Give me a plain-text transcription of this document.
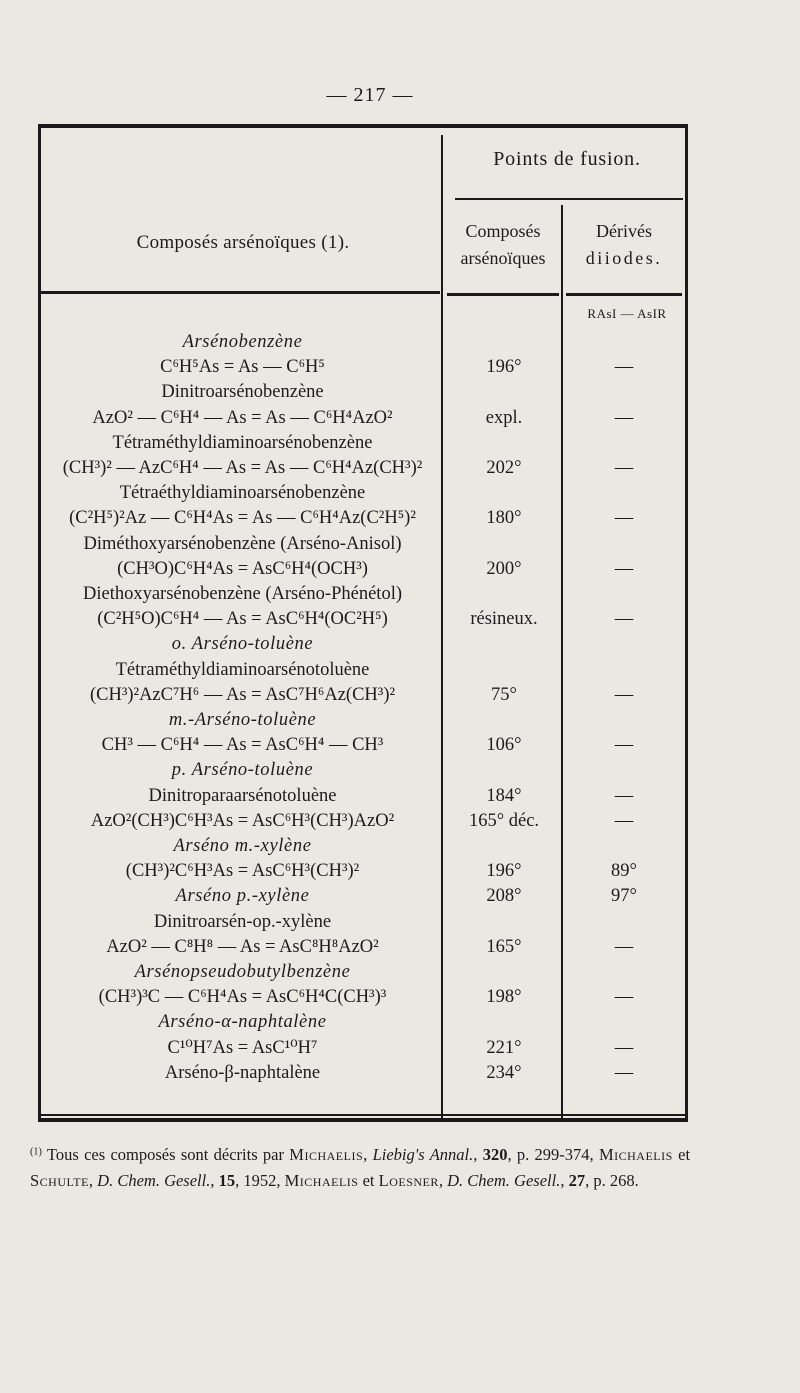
— 217 —
Composés arsénoïques (1).
Points de fusion.
Composés
arsénoïques
Dérivés
diiodes.
RAsI — AsIR
Arsénobenzène
C⁶H⁵As = As — C⁶H⁵	196°	—
Dinitroarsénobenzène
AzO² — C⁶H⁴ — As = As — C⁶H⁴AzO²	expl.	—
Tétraméthyldiaminoarsénobenzène
(CH³)² — AzC⁶H⁴ — As = As — C⁶H⁴Az(CH³)²	202°	—
Tétraéthyldiaminoarsénobenzène
(C²H⁵)²Az — C⁶H⁴As = As — C⁶H⁴Az(C²H⁵)²	180°	—
Diméthoxyarsénobenzène (Arséno-Anisol)
(CH³O)C⁶H⁴As = AsC⁶H⁴(OCH³)	200°	—
Diethoxyarsénobenzène (Arséno-Phénétol)
(C²H⁵O)C⁶H⁴ — As = AsC⁶H⁴(OC²H⁵)	résineux.	—
o. Arséno-toluène
Tétraméthyldiaminoarsénotoluène
(CH³)²AzC⁷H⁶ — As = AsC⁷H⁶Az(CH³)²	75°	—
m.-Arséno-toluène
CH³ — C⁶H⁴ — As = AsC⁶H⁴ — CH³	106°	—
p. Arséno-toluène
Dinitroparaarsénotoluène	184°	—
AzO²(CH³)C⁶H³As = AsC⁶H³(CH³)AzO²	165° déc.	—
Arséno m.-xylène
(CH³)²C⁶H³As = AsC⁶H³(CH³)²	196°	89°
Arséno p.-xylène	208°	97°
Dinitroarsén-op.-xylène
AzO² — C⁸H⁸ — As = AsC⁸H⁸AzO²	165°	—
Arsénopseudobutylbenzène
(CH³)³C — C⁶H⁴As = AsC⁶H⁴C(CH³)³	198°	—
Arséno-α-naphtalène
C¹⁰H⁷As = AsC¹⁰H⁷	221°	—
Arséno-β-naphtalène	234°	—
$^{(1)}$ Tous ces composés sont décrits par Michaelis, Liebig's Annal., 320, p. 299-374, Michaelis et Schulte, D. Chem. Gesell., 15, 1952, Michaelis et Loesner, D. Chem. Gesell., 27, p. 268.
